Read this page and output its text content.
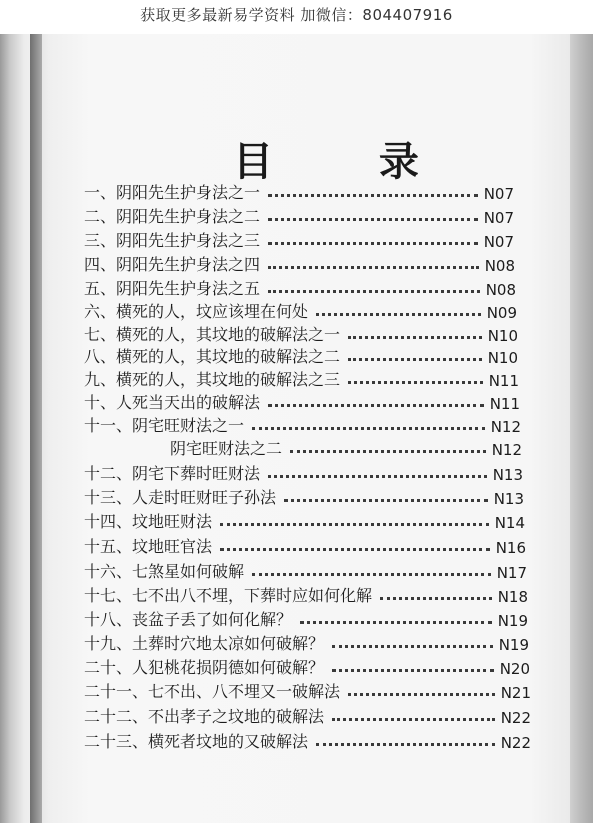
获取更多最新易学资料 加微信：804407916
目 录
一、阴阳先生护身法之一	N07
二、阴阳先生护身法之二	N07
三、阴阳先生护身法之三	N07
四、阴阳先生护身法之四	N08
五、阴阳先生护身法之五	N08
六、横死的人，坟应该埋在何处	N09
七、横死的人，其坟地的破解法之一	N10
八、横死的人，其坟地的破解法之二	N10
九、横死的人，其坟地的破解法之三	N11
十、人死当天出的破解法	N11
十一、阴宅旺财法之一	N12
阴宅旺财法之二	N12
十二、阴宅下葬时旺财法	N13
十三、人走时旺财旺子孙法	N13
十四、坟地旺财法	N14
十五、坟地旺官法	N16
十六、七煞星如何破解	N17
十七、七不出八不埋，下葬时应如何化解	N18
十八、丧盆子丢了如何化解？	N19
十九、土葬时穴地太凉如何破解？	N19
二十、人犯桃花损阴德如何破解？	N20
二十一、七不出、八不埋又一破解法	N21
二十二、不出孝子之坟地的破解法	N22
二十三、横死者坟地的又破解法	N22
